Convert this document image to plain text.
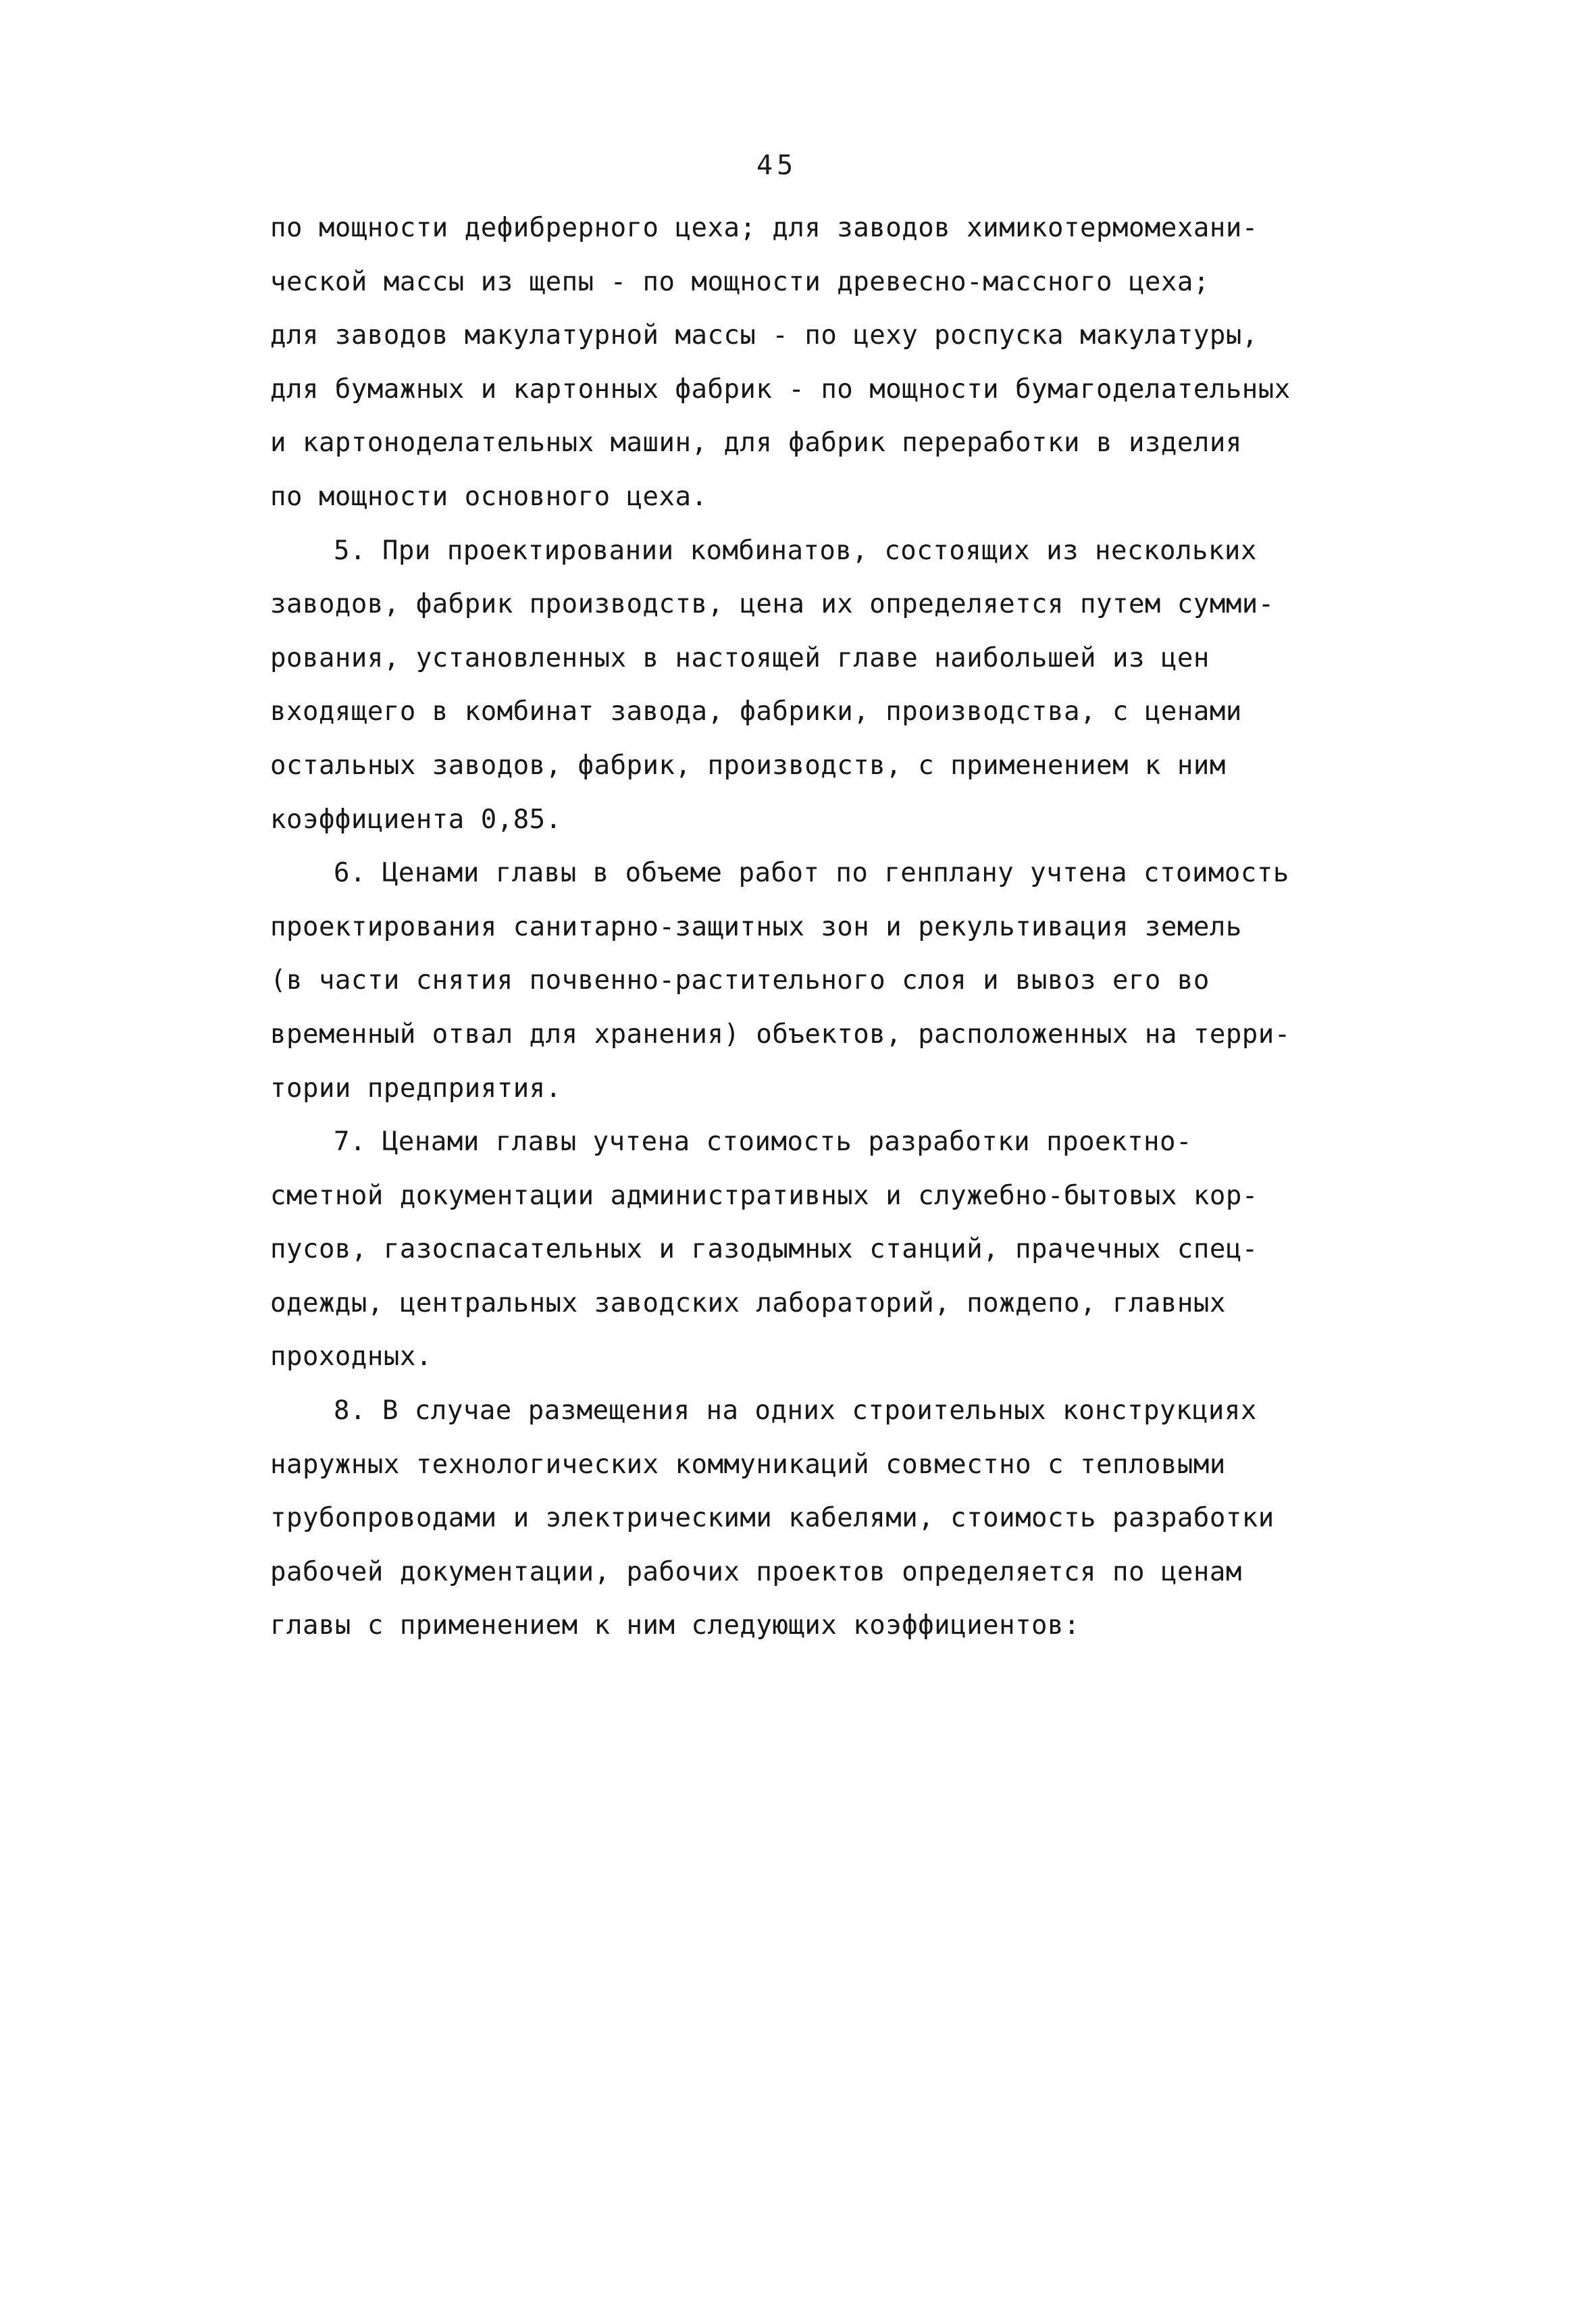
45
по мощности дефибрерного цеха; для заводов химикотермомехани-
ческой массы из щепы - по мощности древесно-массного цеха;
для заводов макулатурной массы - по цеху роспуска макулатуры,
для бумажных и картонных фабрик - по мощности бумагоделательных
и картоноделательных машин, для фабрик переработки в изделия
по мощности основного цеха.
5. При проектировании комбинатов, состоящих из нескольких
заводов, фабрик производств, цена их определяется путем сумми-
рования, установленных в настоящей главе наибольшей из цен
входящего в комбинат завода, фабрики, производства, с ценами
остальных заводов, фабрик, производств, с применением к ним
коэффициента 0,85.
6. Ценами главы в объеме работ по генплану учтена стоимость
проектирования санитарно-защитных зон и рекультивация земель
(в части снятия почвенно-растительного слоя и вывоз его во
временный отвал для хранения) объектов, расположенных на терри-
тории предприятия.
7. Ценами главы учтена стоимость разработки проектно-
сметной документации административных и служебно-бытовых кор-
пусов, газоспасательных и газодымных станций, прачечных спец-
одежды, центральных заводских лабораторий, пождепо, главных
проходных.
8. В случае размещения на одних строительных конструкциях
наружных технологических коммуникаций совместно с тепловыми
трубопроводами и электрическими кабелями, стоимость разработки
рабочей документации, рабочих проектов определяется по ценам
главы с применением к ним следующих коэффициентов:
